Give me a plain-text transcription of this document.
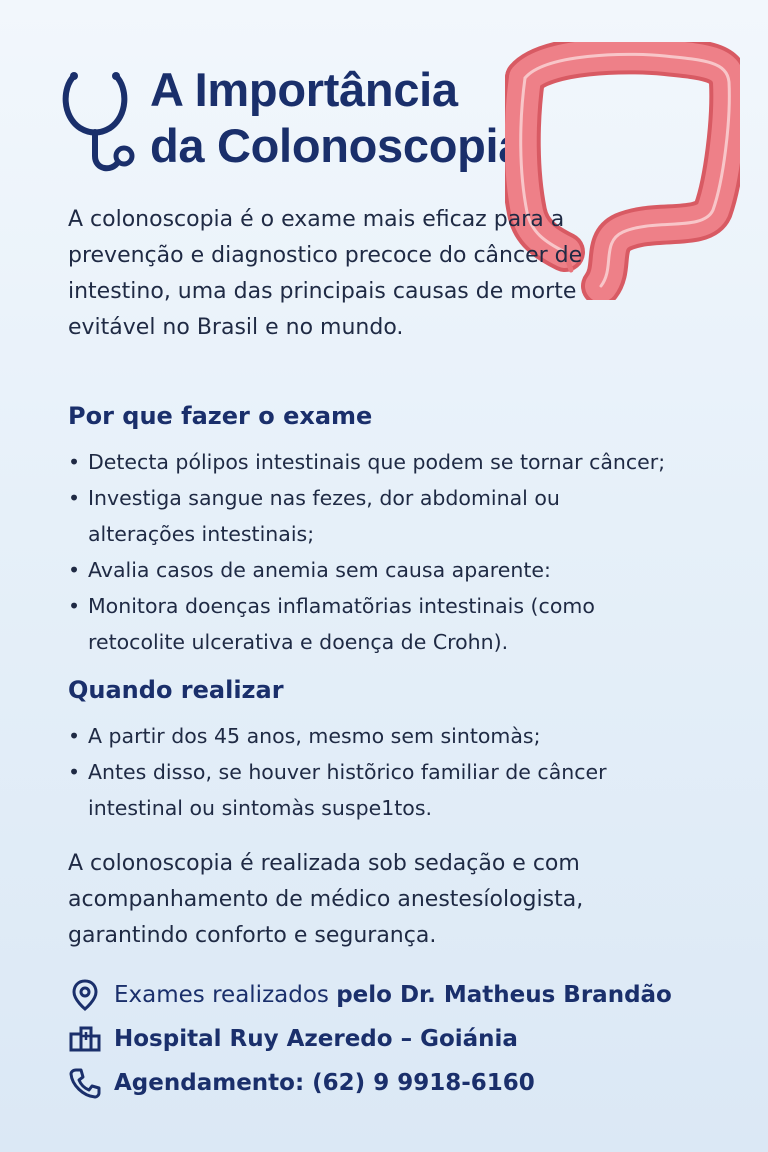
A Importância
da Colonoscopia

A colonoscopia é o exame mais eficaz para a prevenção e diagnostico precoce do câncer de intestino, uma das principais causas de morte evitável no Brasil e no mundo.

Por que fazer o exame
• Detecta pólipos intestinais que podem se tornar câncer;
• Investiga sangue nas fezes, dor abdominal ou alterações intestinais;
• Avalia casos de anemia sem causa aparente:
• Monitora doenças inflamatõrias intestinais (como retocolite ulcerativa e doença de Crohn).
Quando realizar
• A partir dos 45 anos, mesmo sem sintomàs;
• Antes disso, se houver histõrico familiar de câncer intestinal ou sintomàs suspe1tos.

A colonoscopia é realizada sob sedação e com acompanhamento de médico anestesíologista, garantindo conforto e segurança.

Exames realizados
pelo Dr. Matheus Brandão
Hospital Ruy Azeredo – Goiánia
Agendamento: (62) 9 9918-6160
